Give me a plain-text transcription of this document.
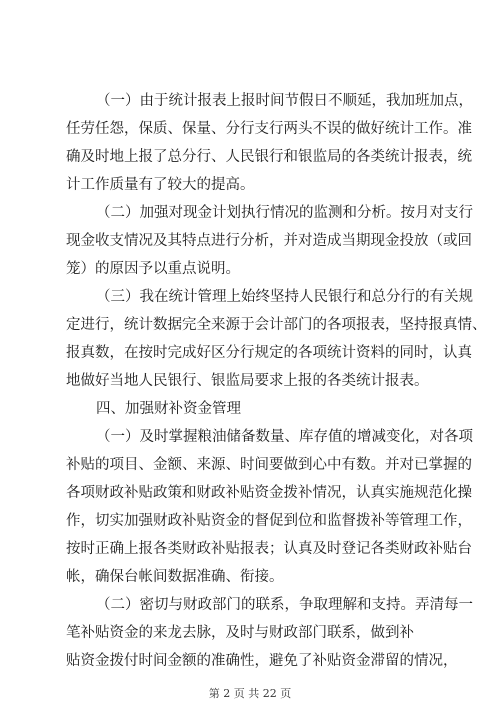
（一）由于统计报表上报时间节假日不顺延，我加班加点，
任劳任怨，保质、保量、分行支行两头不误的做好统计工作。准
确及时地上报了总分行、人民银行和银监局的各类统计报表，统
计工作质量有了较大的提高。
（二）加强对现金计划执行情况的监测和分析。按月对支行
现金收支情况及其特点进行分析，并对造成当期现金投放（或回
笼）的原因予以重点说明。
（三）我在统计管理上始终坚持人民银行和总分行的有关规
定进行，统计数据完全来源于会计部门的各项报表，坚持报真情、
报真数，在按时完成好区分行规定的各项统计资料的同时，认真
地做好当地人民银行、银监局要求上报的各类统计报表。
四、加强财补资金管理
（一）及时掌握粮油储备数量、库存值的增减变化，对各项
补贴的项目、金额、来源、时间要做到心中有数。并对已掌握的
各项财政补贴政策和财政补贴资金拨补情况，认真实施规范化操
作，切实加强财政补贴资金的督促到位和监督拨补等管理工作，
按时正确上报各类财政补贴报表；认真及时登记各类财政补贴台
帐，确保台帐间数据准确、衔接。
（二）密切与财政部门的联系，争取理解和支持。弄清每一
笔补贴资金的来龙去脉，及时与财政部门联系，做到补
贴资金拨付时间金额的准确性，避免了补贴资金滞留的情况，
第 2 页 共 22 页
